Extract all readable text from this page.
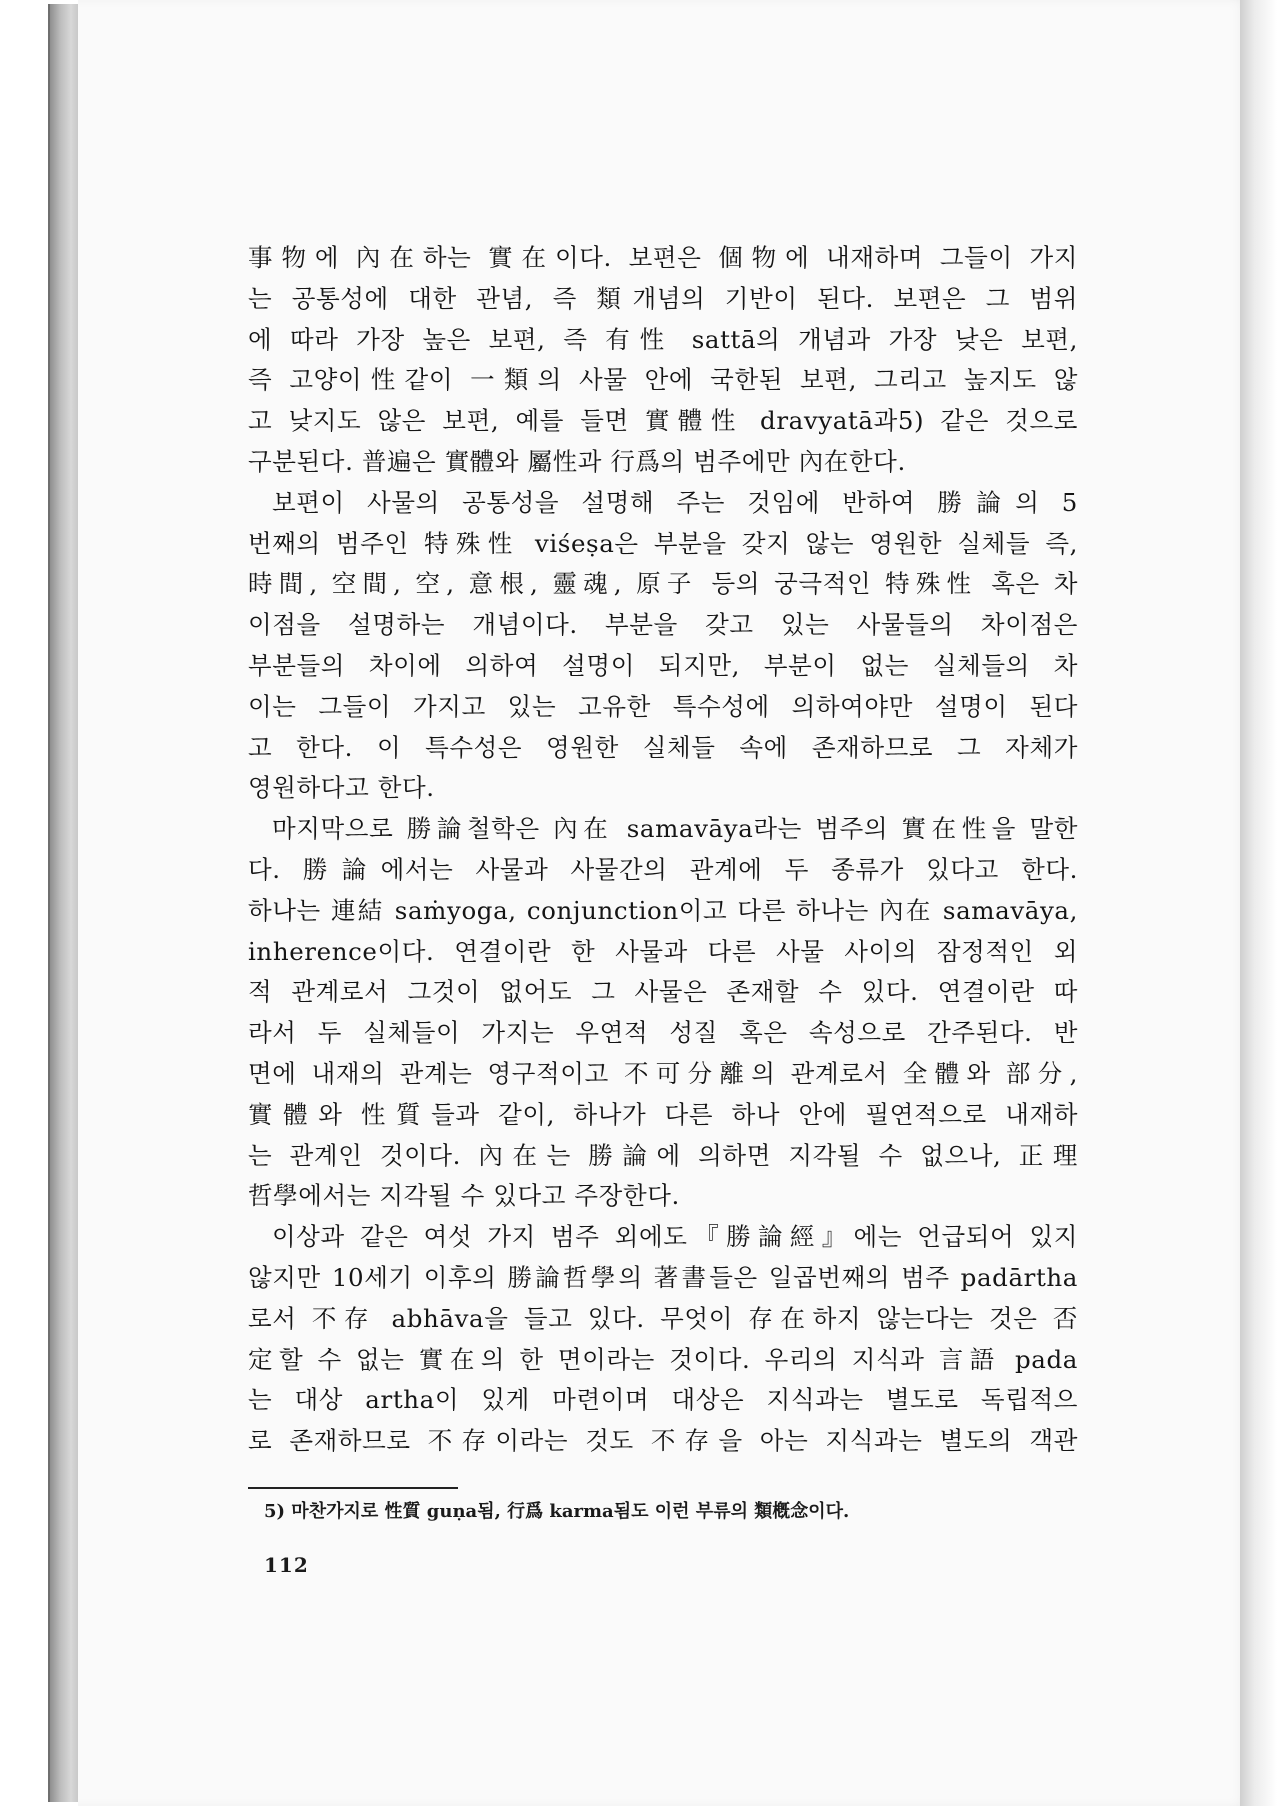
事物에 內在하는 實在이다. 보편은 個物에 내재하며 그들이 가지
는 공통성에 대한 관념, 즉 類개념의 기반이 된다. 보편은 그 범위
에 따라 가장 높은 보편, 즉 有性 sattā의 개념과 가장 낮은 보편,
즉 고양이性같이 一類의 사물 안에 국한된 보편, 그리고 높지도 않
고 낮지도 않은 보편, 예를 들면 實體性 dravyatā과5) 같은 것으로
구분된다. 普遍은 實體와 屬性과 行爲의 범주에만 內在한다.
보편이 사물의 공통성을 설명해 주는 것임에 반하여 勝論의 5
번째의 범주인 特殊性 viśeṣa은 부분을 갖지 않는 영원한 실체들 즉,
時間, 空間, 空, 意根, 靈魂, 原子 등의 궁극적인 特殊性 혹은 차
이점을 설명하는 개념이다. 부분을 갖고 있는 사물들의 차이점은
부분들의 차이에 의하여 설명이 되지만, 부분이 없는 실체들의 차
이는 그들이 가지고 있는 고유한 특수성에 의하여야만 설명이 된다
고 한다. 이 특수성은 영원한 실체들 속에 존재하므로 그 자체가
영원하다고 한다.
마지막으로 勝論철학은 內在 samavāya라는 범주의 實在性을 말한
다. 勝論에서는 사물과 사물간의 관계에 두 종류가 있다고 한다.
하나는 連結 saṁyoga, conjunction이고 다른 하나는 內在 samavāya,
inherence이다. 연결이란 한 사물과 다른 사물 사이의 잠정적인 외
적 관계로서 그것이 없어도 그 사물은 존재할 수 있다. 연결이란 따
라서 두 실체들이 가지는 우연적 성질 혹은 속성으로 간주된다. 반
면에 내재의 관계는 영구적이고 不可分離의 관계로서 全體와 部分,
實體와 性質들과 같이, 하나가 다른 하나 안에 필연적으로 내재하
는 관계인 것이다. 內在는 勝論에 의하면 지각될 수 없으나, 正理
哲學에서는 지각될 수 있다고 주장한다.
이상과 같은 여섯 가지 범주 외에도『勝論經』에는 언급되어 있지
않지만 10세기 이후의 勝論哲學의 著書들은 일곱번째의 범주 padārtha
로서 不存 abhāva을 들고 있다. 무엇이 存在하지 않는다는 것은 否
定할 수 없는 實在의 한 면이라는 것이다. 우리의 지식과 言語 pada
는 대상 artha이 있게 마련이며 대상은 지식과는 별도로 독립적으
로 존재하므로 不存이라는 것도 不存을 아는 지식과는 별도의 객관
5) 마찬가지로 性質 guṇa됨, 行爲 karma됨도 이런 부류의 類槪念이다.
112
